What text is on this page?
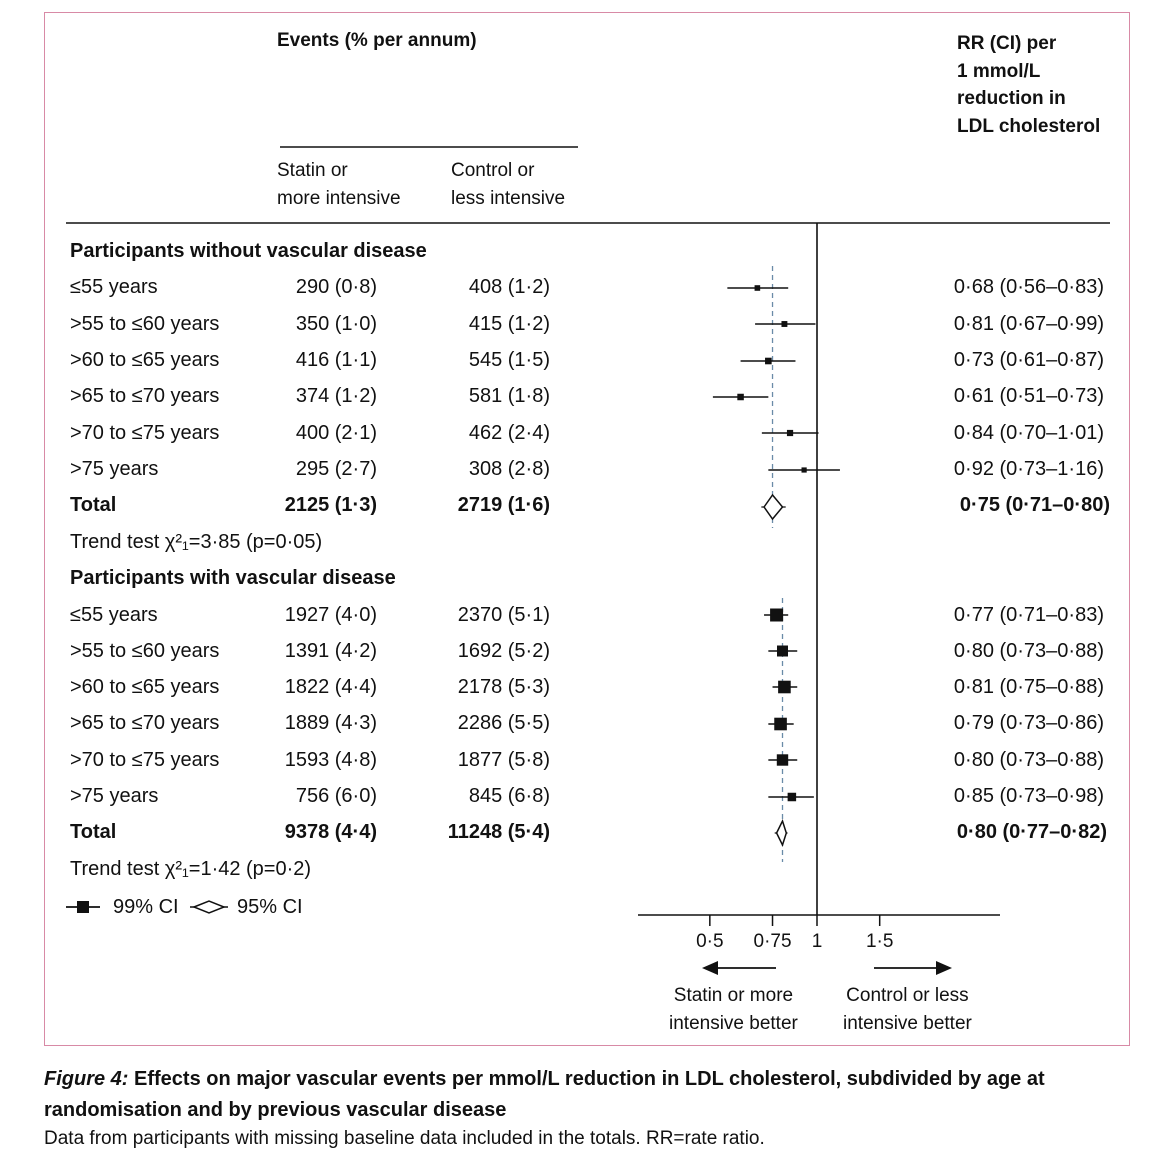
Events (% per annum)	RR (CI) per
1 mmol/L
reduction in
LDL cholesterol
Statin or
more intensive
Control or
less intensive
Participants without vascular disease
≤55 years	290 (0·8)	408 (1·2)	0·68 (0·56–0·83)
>55 to ≤60 years	350 (1·0)	415 (1·2)	0·81 (0·67–0·99)
>60 to ≤65 years	416 (1·1)	545 (1·5)	0·73 (0·61–0·87)
>65 to ≤70 years	374 (1·2)	581 (1·8)	0·61 (0·51–0·73)
>70 to ≤75 years	400 (2·1)	462 (2·4)	0·84 (0·70–1·01)
>75 years	295 (2·7)	308 (2·8)	0·92 (0·73–1·16)
Total	2125 (1·3)	2719 (1·6)	0·75 (0·71–0·80)
Trend test χ²₁=3·85 (p=0·05)
Participants with vascular disease
≤55 years	1927 (4·0)	2370 (5·1)	0·77 (0·71–0·83)
>55 to ≤60 years	1391 (4·2)	1692 (5·2)	0·80 (0·73–0·88)
>60 to ≤65 years	1822 (4·4)	2178 (5·3)	0·81 (0·75–0·88)
>65 to ≤70 years	1889 (4·3)	2286 (5·5)	0·79 (0·73–0·86)
>70 to ≤75 years	1593 (4·8)	1877 (5·8)	0·80 (0·73–0·88)
>75 years	756 (6·0)	845 (6·8)	0·85 (0·73–0·98)
Total	9378 (4·4)	11248 (5·4)	0·80 (0·77–0·82)
Trend test χ²₁=1·42 (p=0·2)
99% CI	95% CI
Statin or more
intensive better
Control or less
intensive better
0·5 0·75 1 1·5
Figure 4: Effects on major vascular events per mmol/L reduction in LDL cholesterol, subdivided by age at randomisation and by previous vascular disease
Data from participants with missing baseline data included in the totals. RR=rate ratio.
